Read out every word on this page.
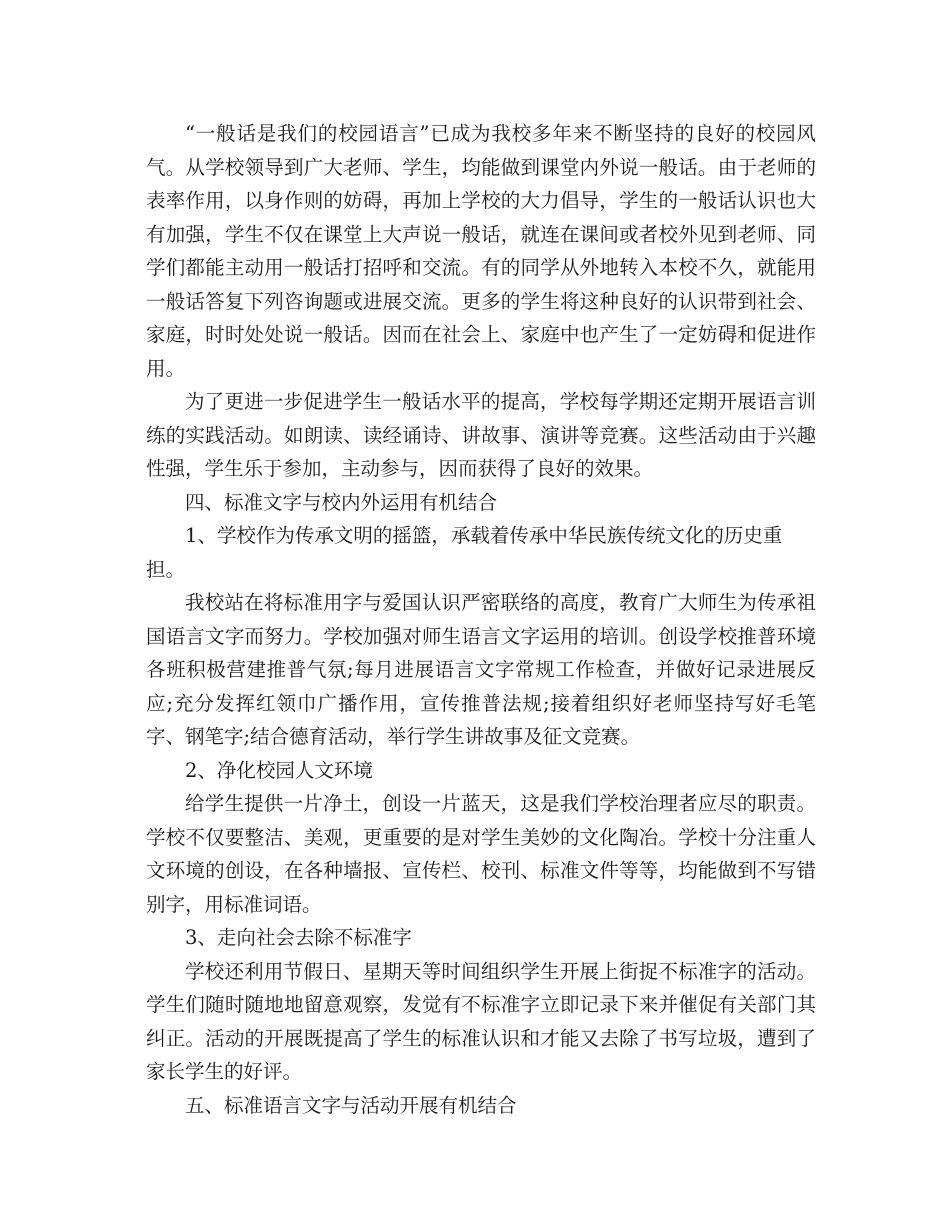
“一般话是我们的校园语言”已成为我校多年来不断坚持的良好的校园风气。从学校领导到广大老师、学生，均能做到课堂内外说一般话。由于老师的表率作用，以身作则的妨碍，再加上学校的大力倡导，学生的一般话认识也大有加强，学生不仅在课堂上大声说一般话，就连在课间或者校外见到老师、同学们都能主动用一般话打招呼和交流。有的同学从外地转入本校不久，就能用一般话答复下列咨询题或进展交流。更多的学生将这种良好的认识带到社会、家庭，时时处处说一般话。因而在社会上、家庭中也产生了一定妨碍和促进作用。

为了更进一步促进学生一般话水平的提高，学校每学期还定期开展语言训练的实践活动。如朗读、读经诵诗、讲故事、演讲等竞赛。这些活动由于兴趣性强，学生乐于参加，主动参与，因而获得了良好的效果。

四、标准文字与校内外运用有机结合

1、学校作为传承文明的摇篮，承载着传承中华民族传统文化的历史重担。

我校站在将标准用字与爱国认识严密联络的高度，教育广大师生为传承祖国语言文字而努力。学校加强对师生语言文字运用的培训。创设学校推普环境各班积极营建推普气氛;每月进展语言文字常规工作检查，并做好记录进展反应;充分发挥红领巾广播作用，宣传推普法规;接着组织好老师坚持写好毛笔字、钢笔字;结合德育活动，举行学生讲故事及征文竞赛。

2、净化校园人文环境

给学生提供一片净土，创设一片蓝天，这是我们学校治理者应尽的职责。学校不仅要整洁、美观，更重要的是对学生美妙的文化陶冶。学校十分注重人文环境的创设，在各种墙报、宣传栏、校刊、标准文件等等，均能做到不写错别字，用标准词语。

3、走向社会去除不标准字

学校还利用节假日、星期天等时间组织学生开展上街捉不标准字的活动。学生们随时随地地留意观察，发觉有不标准字立即记录下来并催促有关部门其纠正。活动的开展既提高了学生的标准认识和才能又去除了书写垃圾，遭到了家长学生的好评。

五、标准语言文字与活动开展有机结合
